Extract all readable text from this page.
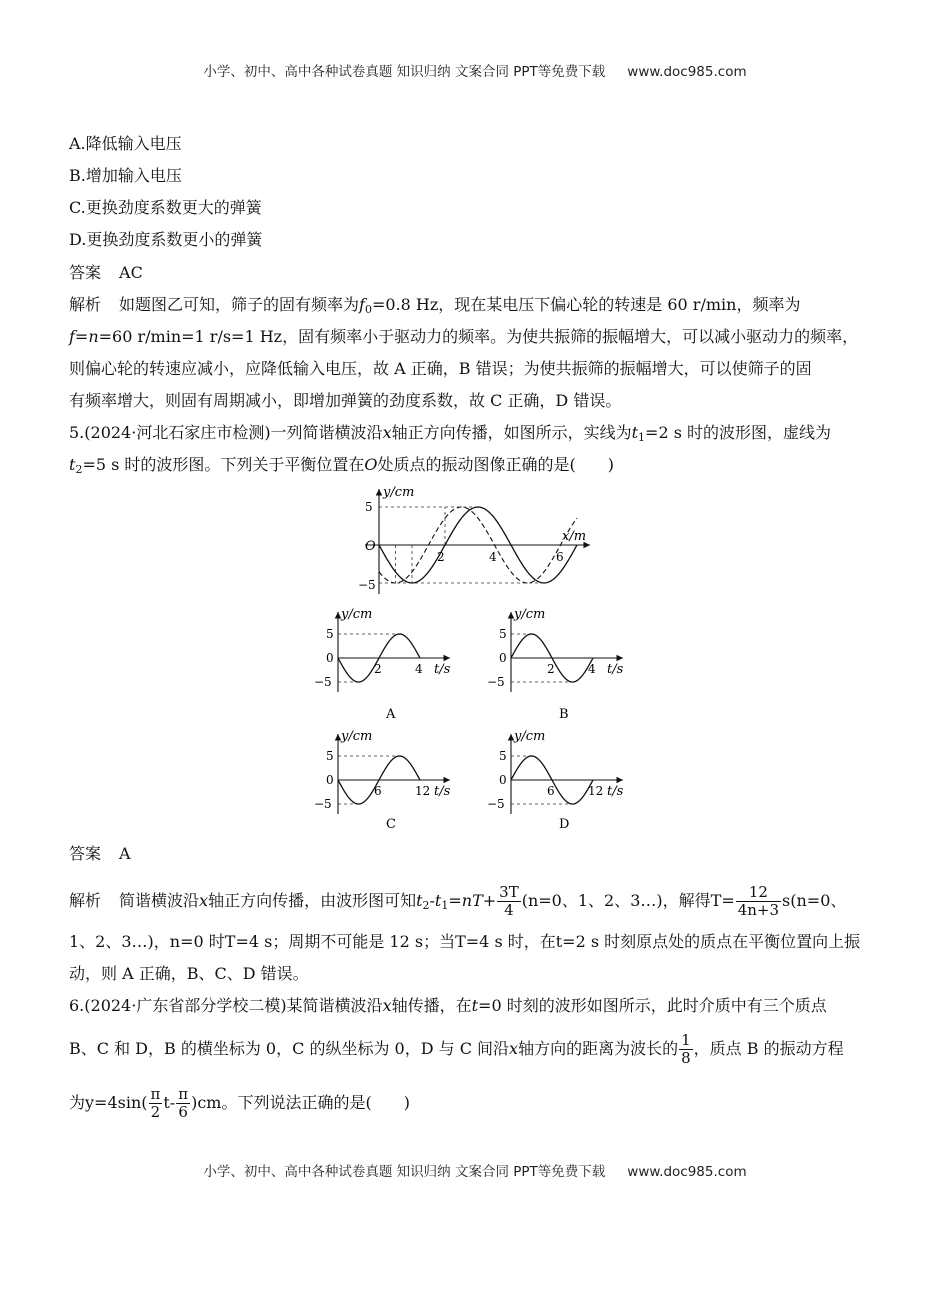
小学、初中、高中各种试卷真题 知识归纳 文案合同 PPT等免费下载 www.doc985.com
A.降低输入电压
B.增加输入电压
C.更换劲度系数更大的弹簧
D.更换劲度系数更小的弹簧
答案 AC
解析 如题图乙可知，筛子的固有频率为$f_0=0.8$ Hz，现在某电压下偏心轮的转速是 60 r/min，频率为
f=n=60 r/min=1 r/s=1 Hz，固有频率小于驱动力的频率。为使共振筛的振幅增大，可以减小驱动力的频率，
则偏心轮的转速应减小，应降低输入电压，故 A 正确，B 错误；为使共振筛的振幅增大，可以使筛子的固
有频率增大，则固有周期减小，即增加弹簧的劲度系数，故 C 正确，D 错误。
5.(2024·河北石家庄市检测)一列简谐横波沿x轴正方向传播，如图所示，实线为$t_1=2$ s 时的波形图，虚线为
$t_2=5$ s 时的波形图。下列关于平衡位置在O处质点的振动图像正确的是(　　)
y/cm
x/m
O
5
−5
2	4	6
y/cm
5
0
−5
2	4 t/s
A
y/cm
5
0
−5
2	4 t/s
B
y/cm
5
0
−5
6	12 t/s
C
y/cm
5
0
−5
6	12 t/s
D
答案 A
解析 简谐横波沿x轴正方向传播，由波形图可知$t_2-t_1=nT+ \frac{3T}{4} (n=0$、1、2、3…)，解得$T= \frac{12}{4n+3} s(n=0$、
1、2、3…)，n=0 时T=4 s；周期不可能是 12 s；当T=4 s 时，在t=2 s 时刻原点处的质点在平衡位置向上振
动，则 A 正确，B、C、D 错误。
6.(2024·广东省部分学校二模)某简谐横波沿x轴传播，在t=0 时刻的波形如图所示，此时介质中有三个质点
B、C 和 D，B 的横坐标为 0，C 的纵坐标为 0，D 与 C 间沿x轴方向的距离为波长的 $\frac{1}{8}$ ，质点 B 的振动方程
为$y=4\sin( \frac{\pi}{2} t- \frac{\pi}{6} )cm$。下列说法正确的是(　　)
小学、初中、高中各种试卷真题 知识归纳 文案合同 PPT等免费下载 www.doc985.com
